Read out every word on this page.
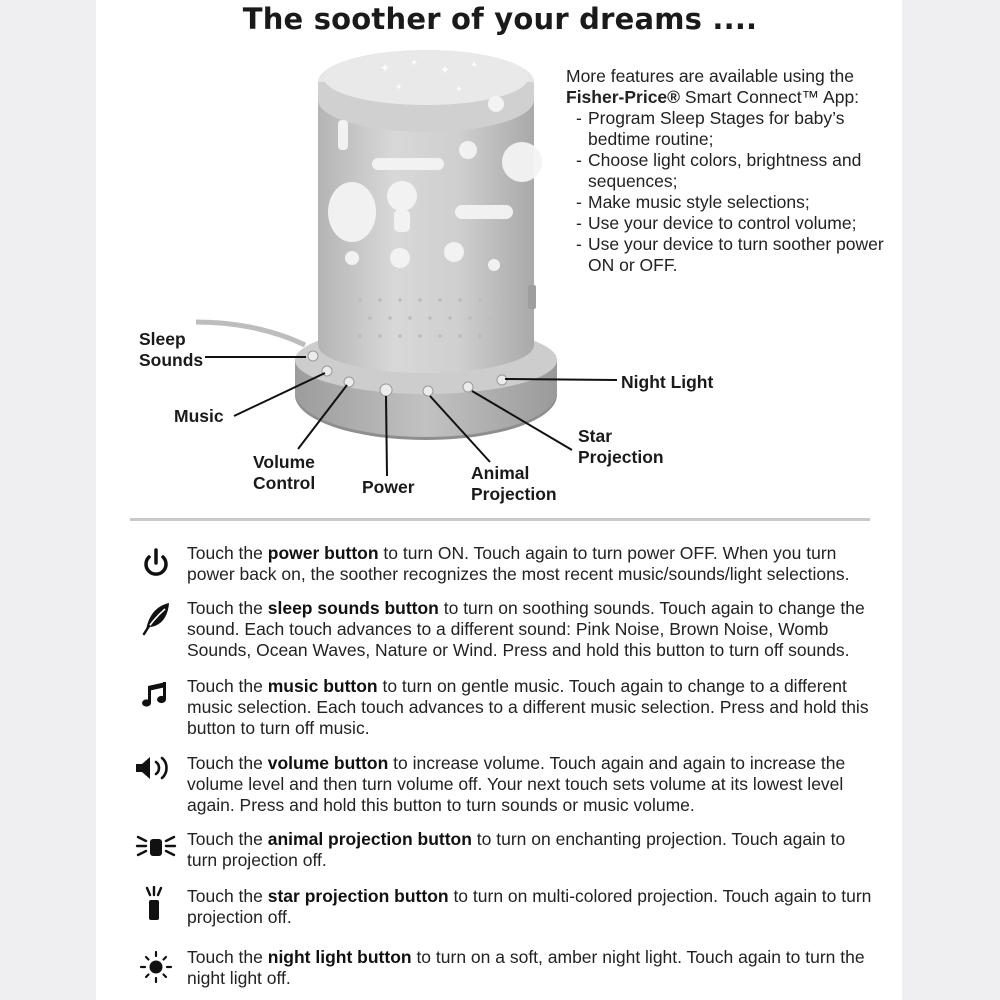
The soother of your dreams ....
✦ ✦ ✦ ✦
✦	✦
Sleep
Sounds
Music
Volume
Control	Power
Animal
Projection
Star
Projection
Night Light
More features are available using the
Fisher-Price® Smart Connect™ App:
- Program Sleep Stages for baby’s bedtime routine;
- Choose light colors, brightness and sequences;
- Make music style selections;
- Use your device to control volume;
- Use your device to turn soother power ON or OFF.
Touch the power button to turn ON. Touch again to turn power OFF. When you turn power back on, the soother recognizes the most recent music/sounds/light selections.
Touch the sleep sounds button to turn on soothing sounds. Touch again to change the sound. Each touch advances to a different sound: Pink Noise, Brown Noise, Womb Sounds, Ocean Waves, Nature or Wind. Press and hold this button to turn off sounds.
Touch the music button to turn on gentle music. Touch again to change to a different music selection. Each touch advances to a different music selection. Press and hold this button to turn off music.
Touch the volume button to increase volume. Touch again and again to increase the volume level and then turn volume off. Your next touch sets volume at its lowest level again. Press and hold this button to turn sounds or music volume.
Touch the animal projection button to turn on enchanting projection. Touch again to turn projection off.
Touch the star projection button to turn on multi-colored projection. Touch again to turn projection off.
Touch the night light button to turn on a soft, amber night light. Touch again to turn the night light off.
